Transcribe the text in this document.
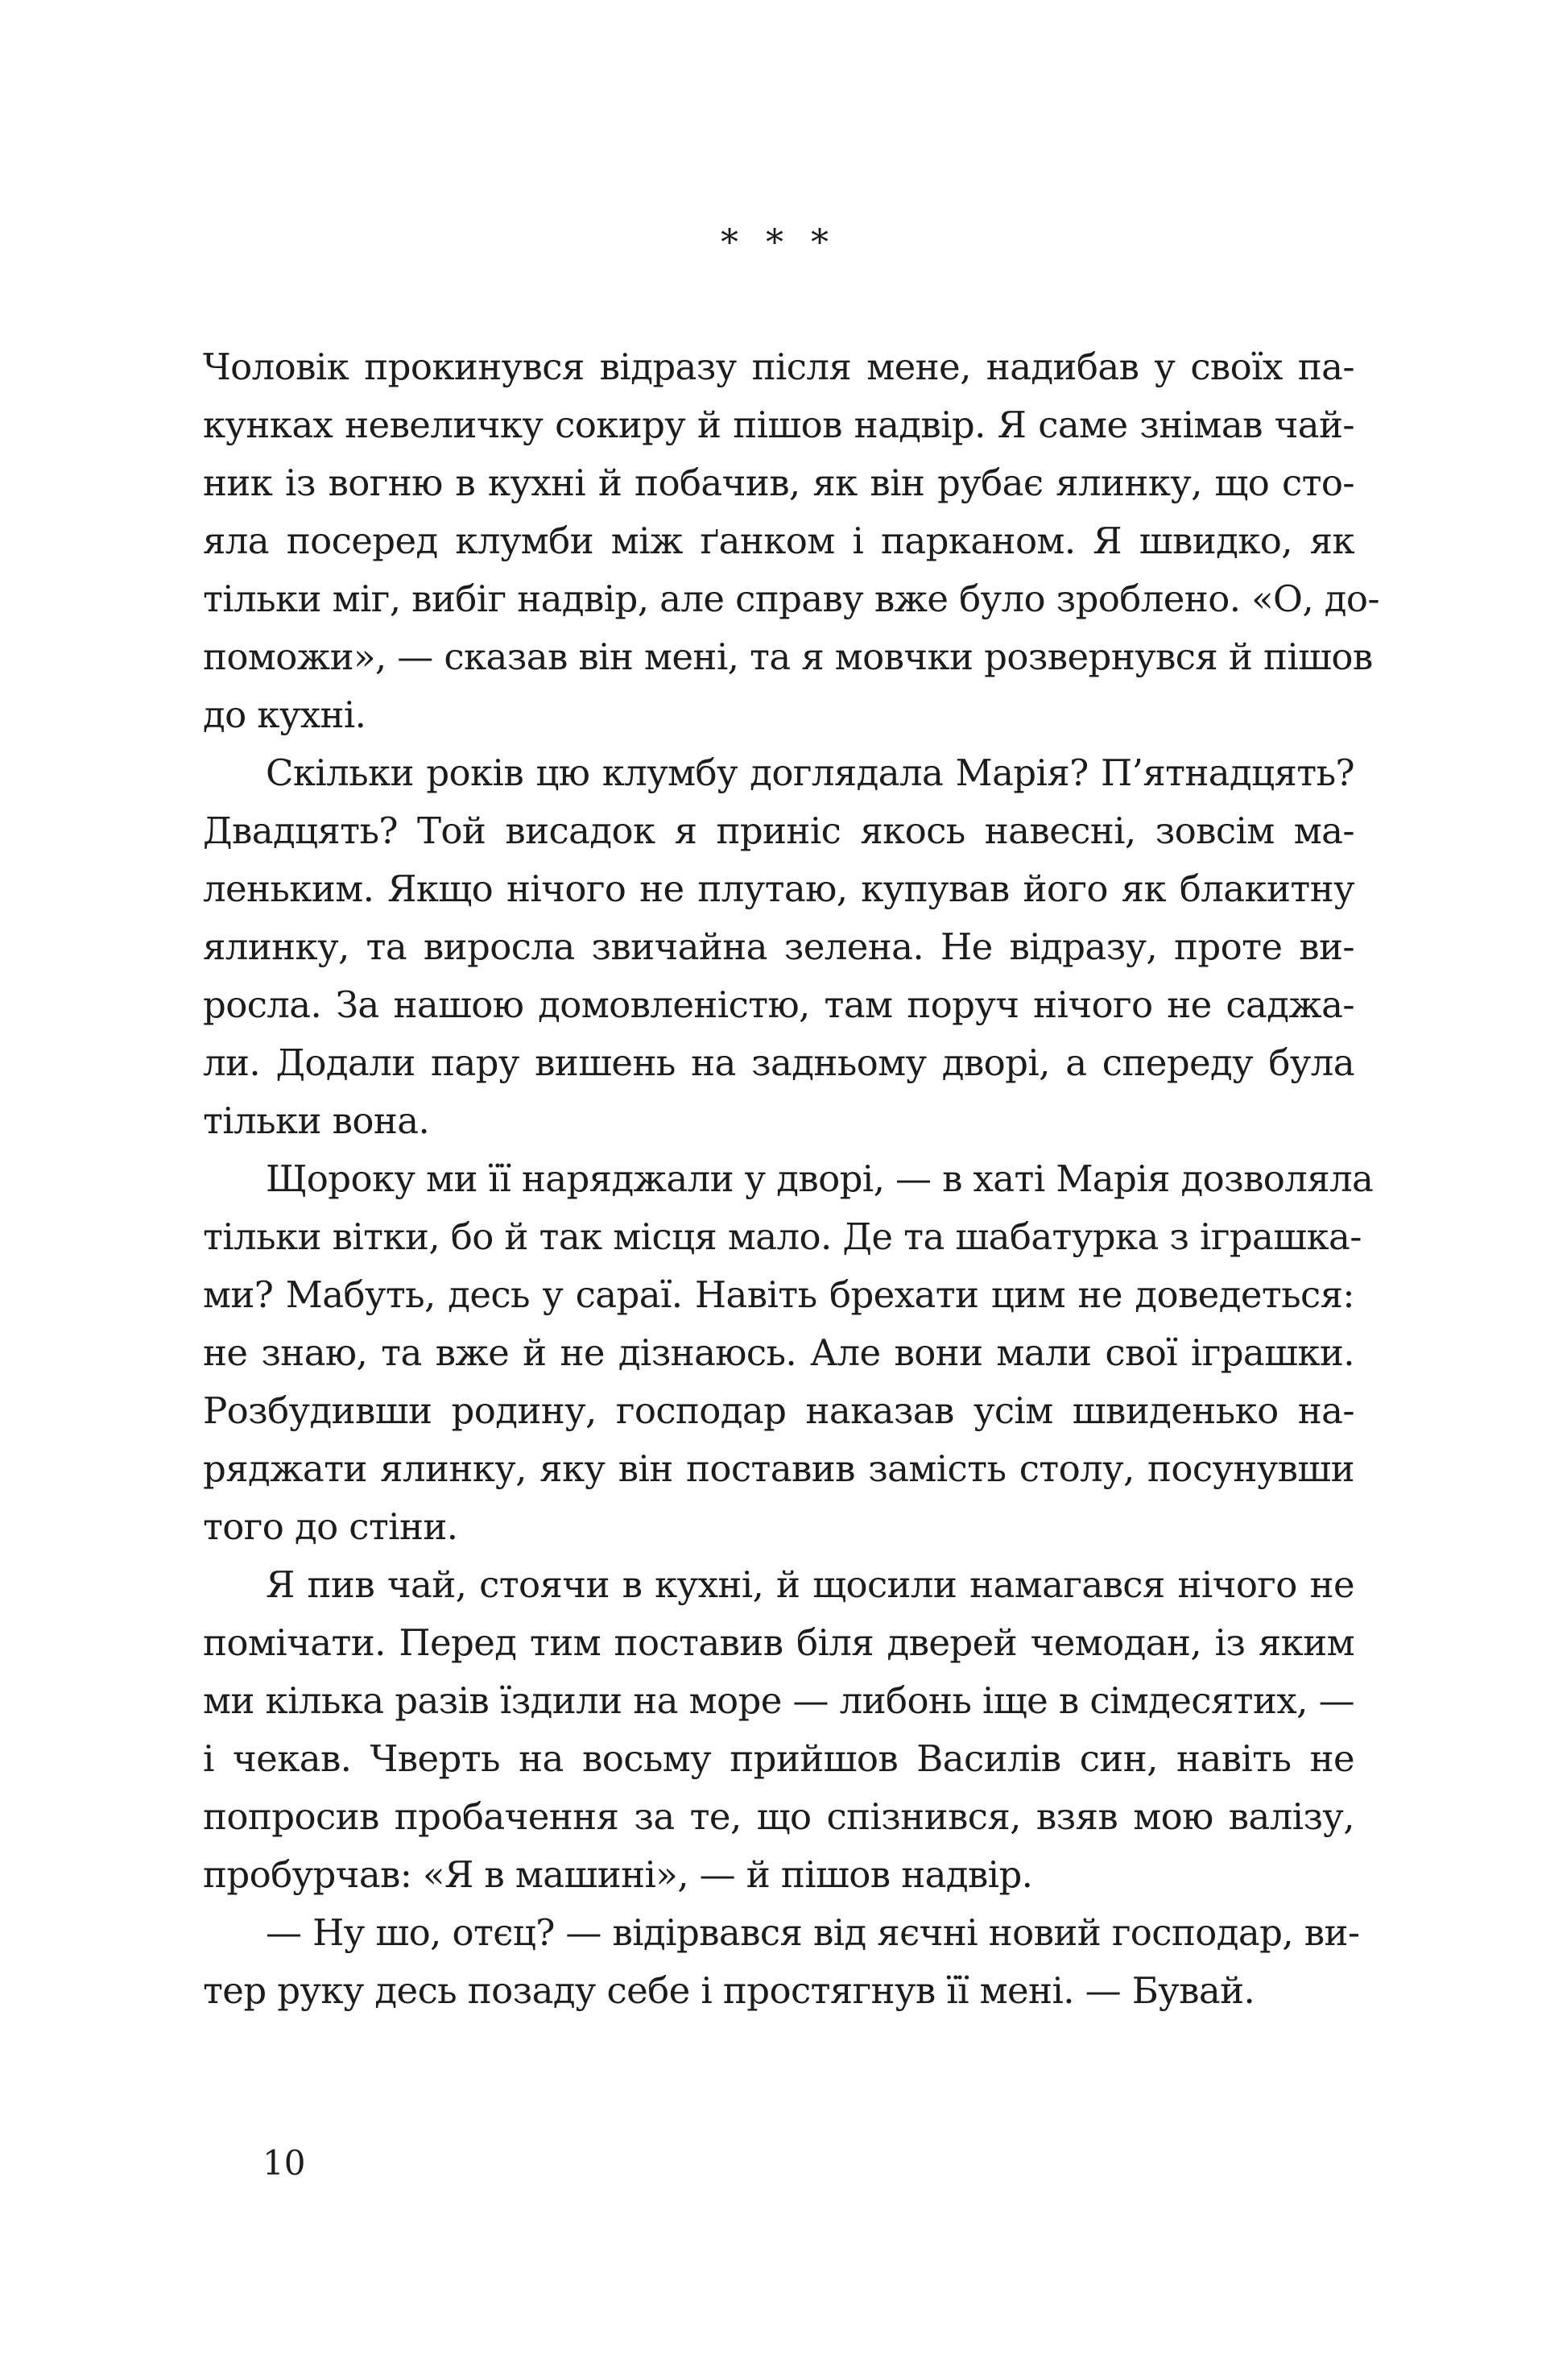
* * *
Чоловік прокинувся відразу після мене, надибав у своїх па-
кунках невеличку сокиру й пішов надвір. Я саме знімав чай-
ник із вогню в кухні й побачив, як він рубає ялинку, що сто-
яла посеред клумби між ґанком і парканом. Я швидко, як
тільки міг, вибіг надвір, але справу вже було зроблено. «О, до-
поможи», — сказав він мені, та я мовчки розвернувся й пішов
до кухні.
Скільки років цю клумбу доглядала Марія? П’ятнадцять?
Двадцять? Той висадок я приніс якось навесні, зовсім ма-
леньким. Якщо нічого не плутаю, купував його як блакитну
ялинку, та виросла звичайна зелена. Не відразу, проте ви-
росла. За нашою домовленістю, там поруч нічого не саджа-
ли. Додали пару вишень на задньому дворі, а спереду була
тільки вона.
Щороку ми її наряджали у дворі, — в хаті Марія дозволяла
тільки вітки, бо й так місця мало. Де та шабатурка з іграшка-
ми? Мабуть, десь у сараї. Навіть брехати цим не доведеться:
не знаю, та вже й не дізнаюсь. Але вони мали свої іграшки.
Розбудивши родину, господар наказав усім швиденько на-
ряджати ялинку, яку він поставив замість столу, посунувши
того до стіни.
Я пив чай, стоячи в кухні, й щосили намагався нічого не
помічати. Перед тим поставив біля дверей чемодан, із яким
ми кілька разів їздили на море — либонь іще в сімдесятих, —
і чекав. Чверть на восьму прийшов Василів син, навіть не
попросив пробачення за те, що спізнився, взяв мою валізу,
пробурчав: «Я в машині», — й пішов надвір.
— Ну шо, отєц? — відірвався від яєчні новий господар, ви-
тер руку десь позаду себе і простягнув її мені. — Бувай.
10
